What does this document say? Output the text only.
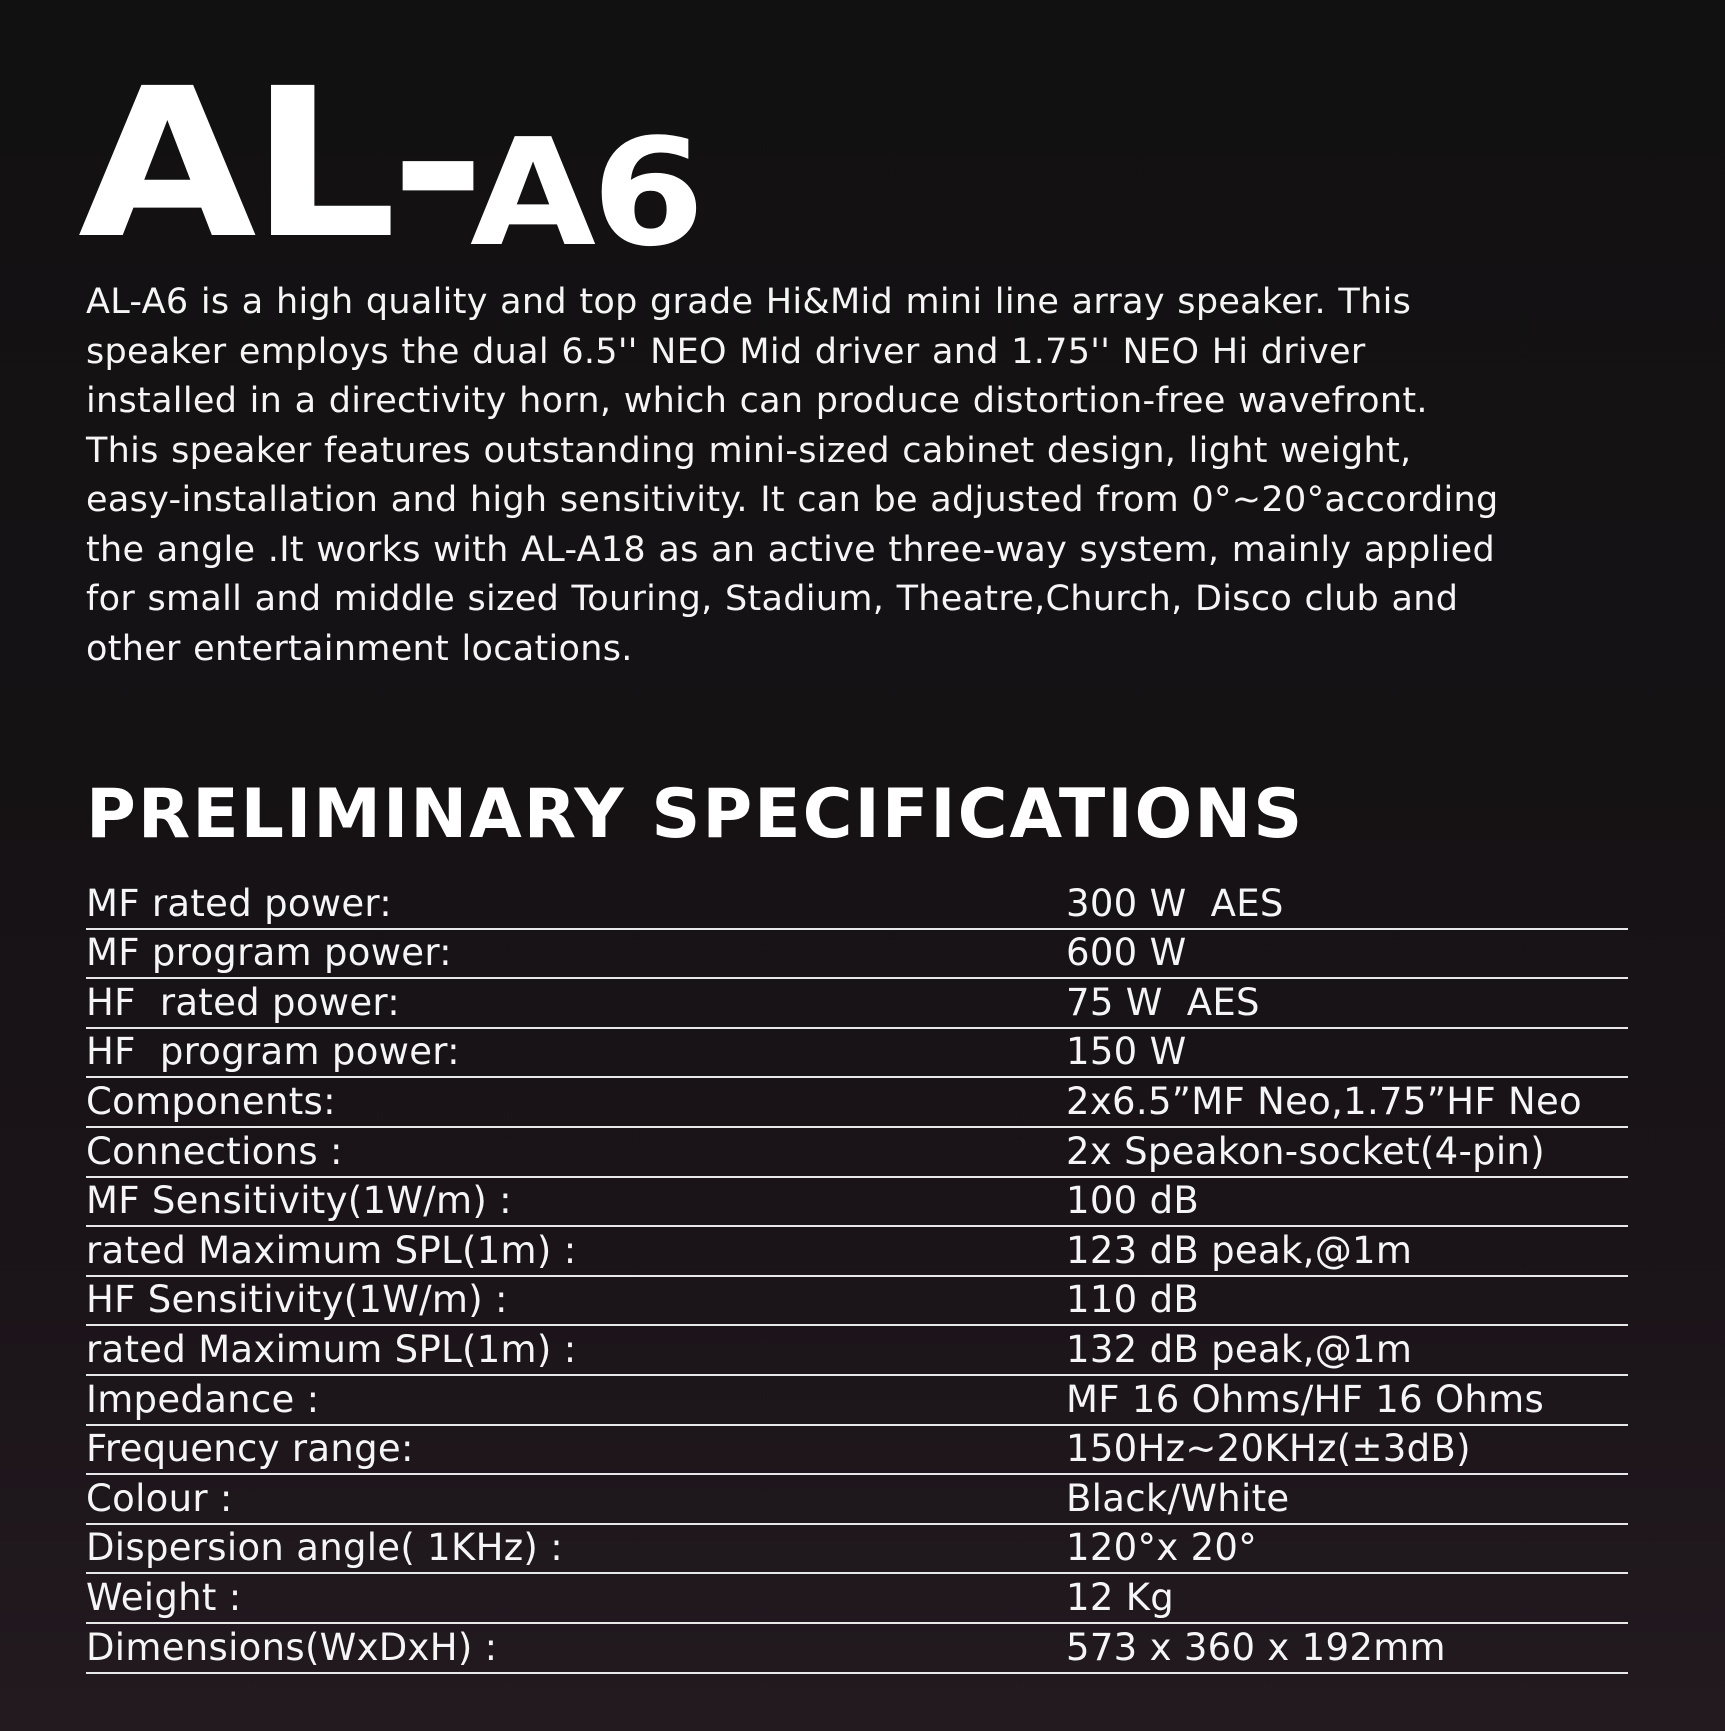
AL-A6

AL-A6 is a high quality and top grade Hi&Mid mini line array speaker. This
speaker employs the dual 6.5'' NEO Mid driver and 1.75'' NEO Hi driver
installed in a directivity horn, which can produce distortion-free wavefront.
This speaker features outstanding mini-sized cabinet design, light weight,
easy-installation and high sensitivity. It can be adjusted from 0°~20°according
the angle .It works with AL-A18 as an active three-way system, mainly applied
for small and middle sized Touring, Stadium, Theatre,Church, Disco club and
other entertainment locations.

PRELIMINARY SPECIFICATIONS
MF rated power:	300 W  AES
MF program power:	600 W
HF  rated power:	75 W  AES
HF  program power:	150 W
Components:	2x6.5”MF Neo,1.75”HF Neo
Connections :	2x Speakon-socket(4-pin)
MF Sensitivity(1W/m) :	100 dB
rated Maximum SPL(1m) :	123 dB peak,@1m
HF Sensitivity(1W/m) :	110 dB
rated Maximum SPL(1m) :	132 dB peak,@1m
Impedance :	MF 16 Ohms/HF 16 Ohms
Frequency range:	150Hz~20KHz(±3dB)
Colour :	Black/White
Dispersion angle( 1KHz) :	120°x 20°
Weight :	12 Kg
Dimensions(WxDxH) :	573 x 360 x 192mm
